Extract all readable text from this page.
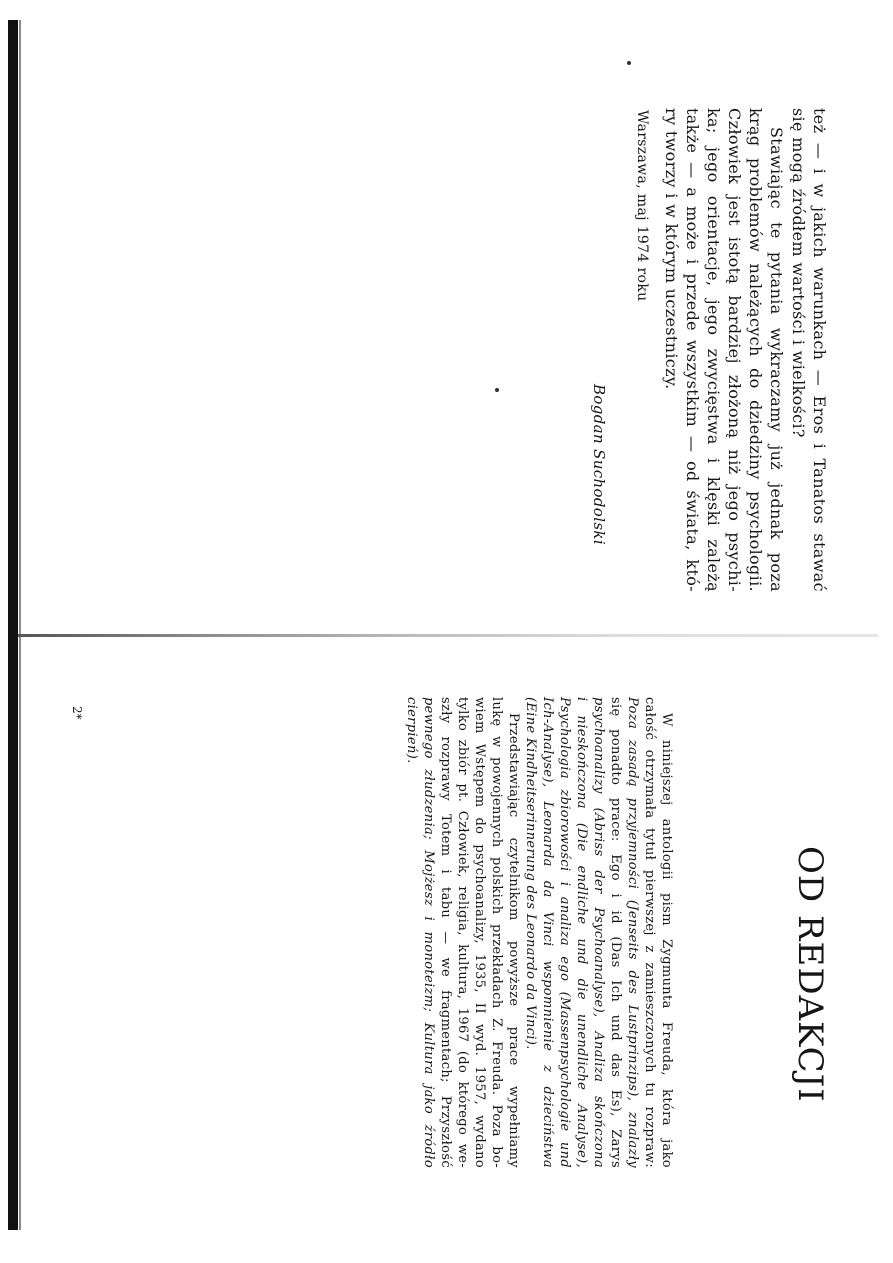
też — i w jakich warunkach — Eros i Tanatos stawać
się mogą źródłem wartości i wielkości?
Stawiając te pytania wykraczamy już jednak poza
krąg problemów należących do dziedziny psychologii.
Człowiek jest istotą bardziej złożoną niż jego psychi-
ka; jego orientacje, jego zwycięstwa i klęski zależą
także — a może i przede wszystkim — od świata, któ-
ry tworzy i w którym uczestniczy.
Warszawa, maj 1974 roku
Bogdan Suchodolski
OD REDAKCJI
W niniejszej antologii pism Zygmunta Freuda, która jako
całość otrzymała tytuł pierwszej z zamieszczonych tu rozpraw:
Poza zasadą przyjemności (Jenseits des Lustprinzips), znalazły
się ponadto prace: Ego i id (Das Ich und das Es), Zarys
psychoanalizy (Abriss der Psychoanalyse), Analiza skończona
i nieskończona (Die endliche und die unendliche Analyse),
Psychologia zbiorowości i analiza ego (Massenpsychologie und
Ich-Analyse), Leonarda da Vinci wspomnienie z dzieciństwa
(Eine Kindheitserinnerung des Leonardo da Vinci).
Przedstawiając czytelnikom powyższe prace wypełniamy
lukę w powojennych polskich przekładach Z. Freuda. Poza bo-
wiem Wstępem do psychoanalizy, 1935, II wyd. 1957, wydano
tylko zbiór pt. Człowiek, religia, kultura, 1967 (do którego we-
szły rozprawy Totem i tabu — we fragmentach; Przyszłość
pewnego złudzenia; Mojżesz i monoteizm; Kultura jako źródło
cierpień).
2*
